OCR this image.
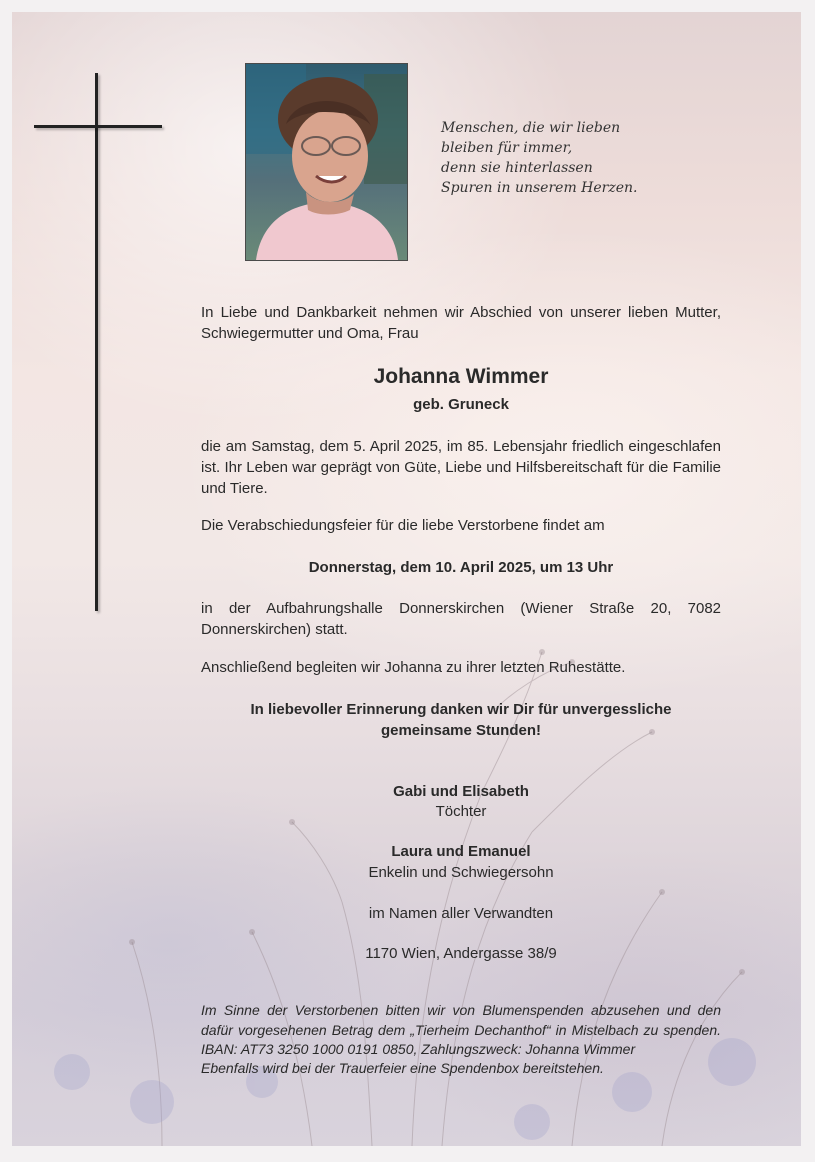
Menschen, die wir lieben
bleiben für immer,
denn sie hinterlassen
Spuren in unserem Herzen.
In Liebe und Dankbarkeit nehmen wir Abschied von unserer lieben Mutter, Schwiegermutter und Oma, Frau
Johanna Wimmer
geb. Gruneck
die am Samstag, dem 5. April 2025, im 85. Lebensjahr friedlich eingeschlafen ist. Ihr Leben war geprägt von Güte, Liebe und Hilfsbereitschaft für die Familie und Tiere.
Die Verabschiedungsfeier für die liebe Verstorbene findet am
Donnerstag, dem 10. April 2025, um 13 Uhr
in der Aufbahrungshalle Donnerskirchen (Wiener Straße 20, 7082 Donnerskirchen) statt.
Anschließend begleiten wir Johanna zu ihrer letzten Ruhestätte.
In liebevoller Erinnerung danken wir Dir für unvergessliche gemeinsame Stunden!
Gabi und Elisabeth
Töchter
Laura und Emanuel
Enkelin und Schwiegersohn
im Namen aller Verwandten
1170 Wien, Andergasse 38/9
Im Sinne der Verstorbenen bitten wir von Blumenspenden abzusehen und den dafür vorgesehenen Betrag dem „Tierheim Dechanthof“ in Mistelbach zu spenden. IBAN: AT73 3250 1000 0191 0850, Zahlungszweck: Johanna Wimmer
Ebenfalls wird bei der Trauerfeier eine Spendenbox bereitstehen.
